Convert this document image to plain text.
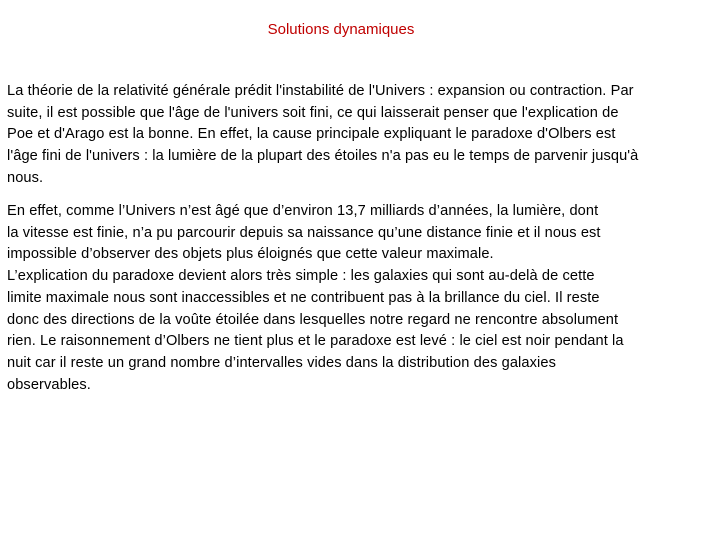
Solutions dynamiques
La théorie de la relativité générale prédit l'instabilité de l'Univers : expansion ou contraction. Par
suite, il est possible que l'âge de l'univers soit fini, ce qui laisserait penser que l'explication de
Poe et d'Arago est la bonne. En effet, la cause principale expliquant le paradoxe d'Olbers est
l'âge fini de l'univers : la lumière de la plupart des étoiles n'a pas eu le temps de parvenir jusqu'à
nous.
En effet, comme l’Univers n’est âgé que d’environ 13,7 milliards d’années, la lumière, dont
la vitesse est finie, n’a pu parcourir depuis sa naissance qu’une distance finie et il nous est
impossible d’observer des objets plus éloignés que cette valeur maximale.
L’explication du paradoxe devient alors très simple : les galaxies qui sont au-delà de cette
limite maximale nous sont inaccessibles et ne contribuent pas à la brillance du ciel. Il reste
donc des directions de la voûte étoilée dans lesquelles notre regard ne rencontre absolument
rien. Le raisonnement d’Olbers ne tient plus et le paradoxe est levé : le ciel est noir pendant la
nuit car il reste un grand nombre d’intervalles vides dans la distribution des galaxies
observables.
